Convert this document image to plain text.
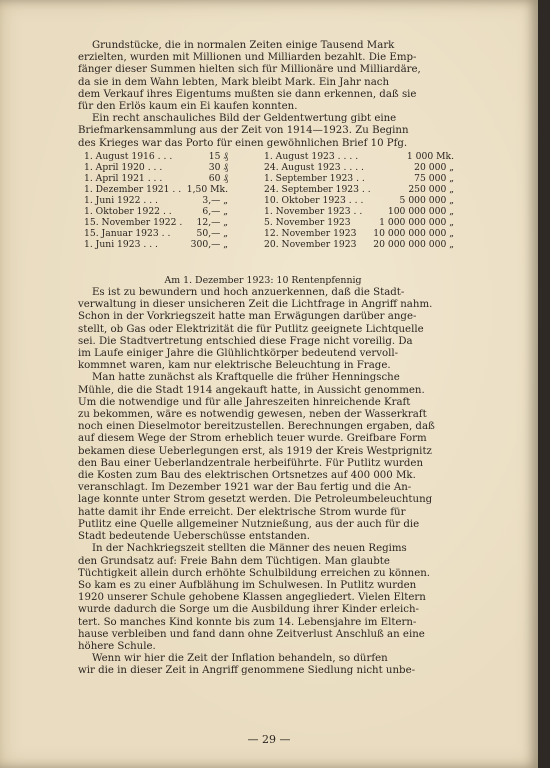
Grundstücke, die in normalen Zeiten einige Tausend Mark
erzielten, wurden mit Millionen und Milliarden bezahlt. Die Emp-
fänger dieser Summen hielten sich für Millionäre und Milliardäre,
da sie in dem Wahn lebten, Mark bleibt Mark. Ein Jahr nach
dem Verkauf ihres Eigentums mußten sie dann erkennen, daß sie
für den Erlös kaum ein Ei kaufen konnten.
Ein recht anschauliches Bild der Geldentwertung gibt eine
Briefmarkensammlung aus der Zeit von 1914—1923. Zu Beginn
des Krieges war das Porto für einen gewöhnlichen Brief 10 Pfg.
1. August 1916 . . .	15 ₰
1. April 1920 . . .	30 ₰
1. April 1921 . . .	60 ₰
1. Dezember 1921 . . 1,50 Mk.
1. Juni 1922 . . .	3,— „
1. Oktober 1922 . .	6,— „
15. November 1922 . 12,— „
15. Januar 1923 . .	50,— „
1. Juni 1923 . . .	300,— „
1. August 1923 . . . .	1 000 Mk.
24. August 1923 . . . .	20 000 „
1. September 1923 . .	75 000 „
24. September 1923 . .	250 000 „
10. Oktober 1923 . . .	5 000 000 „
1. November 1923 . .	100 000 000 „
5. November 1923	1 000 000 000 „
12. November 1923 10 000 000 000 „
20. November 1923 20 000 000 000 „
Am 1. Dezember 1923: 10 Rentenpfennig
Es ist zu bewundern und hoch anzuerkennen, daß die Stadt-
verwaltung in dieser unsicheren Zeit die Lichtfrage in Angriff nahm.
Schon in der Vorkriegszeit hatte man Erwägungen darüber ange-
stellt, ob Gas oder Elektrizität die für Putlitz geeignete Lichtquelle
sei. Die Stadtvertretung entschied diese Frage nicht voreilig. Da
im Laufe einiger Jahre die Glühlichtkörper bedeutend vervoll-
kommnet waren, kam nur elektrische Beleuchtung in Frage.
Man hatte zunächst als Kraftquelle die früher Henningsche
Mühle, die die Stadt 1914 angekauft hatte, in Aussicht genommen.
Um die notwendige und für alle Jahreszeiten hinreichende Kraft
zu bekommen, wäre es notwendig gewesen, neben der Wasserkraft
noch einen Dieselmotor bereitzustellen. Berechnungen ergaben, daß
auf diesem Wege der Strom erheblich teuer wurde. Greifbare Form
bekamen diese Ueberlegungen erst, als 1919 der Kreis Westprignitz
den Bau einer Ueberlandzentrale herbeiführte. Für Putlitz wurden
die Kosten zum Bau des elektrischen Ortsnetzes auf 400 000 Mk.
veranschlagt. Im Dezember 1921 war der Bau fertig und die An-
lage konnte unter Strom gesetzt werden. Die Petroleumbeleuchtung
hatte damit ihr Ende erreicht. Der elektrische Strom wurde für
Putlitz eine Quelle allgemeiner Nutznießung, aus der auch für die
Stadt bedeutende Ueberschüsse entstanden.
In der Nachkriegszeit stellten die Männer des neuen Regims
den Grundsatz auf: Freie Bahn dem Tüchtigen. Man glaubte
Tüchtigkeit allein durch erhöhte Schulbildung erreichen zu können.
So kam es zu einer Aufblähung im Schulwesen. In Putlitz wurden
1920 unserer Schule gehobene Klassen angegliedert. Vielen Eltern
wurde dadurch die Sorge um die Ausbildung ihrer Kinder erleich-
tert. So manches Kind konnte bis zum 14. Lebensjahre im Eltern-
hause verbleiben und fand dann ohne Zeitverlust Anschluß an eine
höhere Schule.
Wenn wir hier die Zeit der Inflation behandeln, so dürfen
wir die in dieser Zeit in Angriff genommene Siedlung nicht unbe-
— 29 —
